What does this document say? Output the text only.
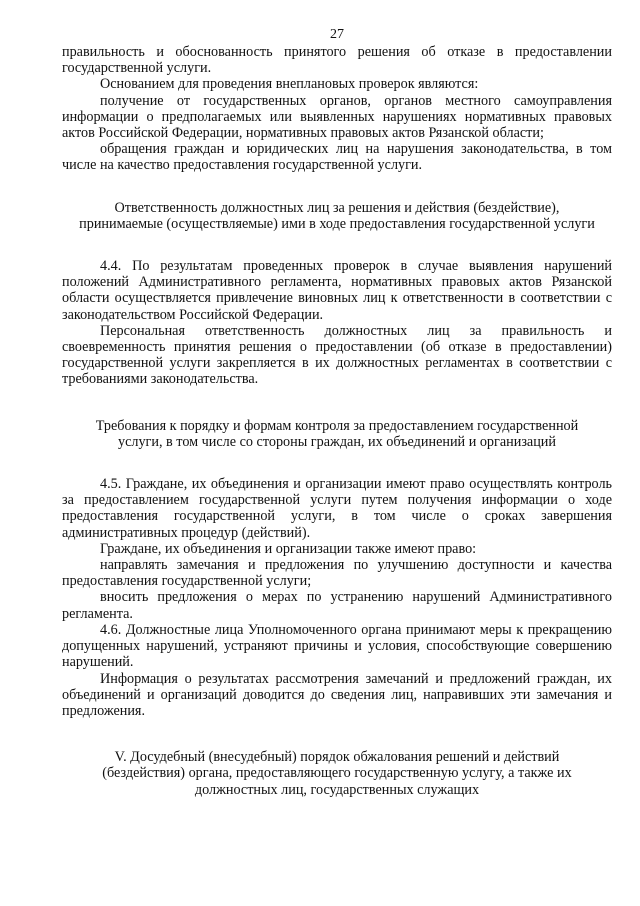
27

правильность и обоснованность принятого решения об отказе в предоставлении государственной услуги.

Основанием для проведения внеплановых проверок являются:

получение от государственных органов, органов местного самоуправления информации о предполагаемых или выявленных нарушениях нормативных правовых актов Российской Федерации, нормативных правовых актов Рязанской области;

обращения граждан и юридических лиц на нарушения законодательства, в том числе на качество предоставления государственной услуги.

Ответственность должностных лиц за решения и действия (бездействие), принимаемые (осуществляемые) ими в ходе предоставления государственной услуги

4.4. По результатам проведенных проверок в случае выявления нарушений положений Административного регламента, нормативных правовых актов Рязанской области осуществляется привлечение виновных лиц к ответственности в соответствии с законодательством Российской Федерации.

Персональная ответственность должностных лиц за правильность и своевременность принятия решения о предоставлении (об отказе в предоставлении) государственной услуги закрепляется в их должностных регламентах в соответствии с требованиями законодательства.

Требования к порядку и формам контроля за предоставлением государственной услуги, в том числе со стороны граждан, их объединений и организаций

4.5. Граждане, их объединения и организации имеют право осуществлять контроль за предоставлением государственной услуги путем получения информации о ходе предоставления государственной услуги, в том числе о сроках завершения административных процедур (действий).

Граждане, их объединения и организации также имеют право:

направлять замечания и предложения по улучшению доступности и качества предоставления государственной услуги;

вносить предложения о мерах по устранению нарушений Административного регламента.

4.6. Должностные лица Уполномоченного органа принимают меры к прекращению допущенных нарушений, устраняют причины и условия, способствующие совершению нарушений.

Информация о результатах рассмотрения замечаний и предложений граждан, их объединений и организаций доводится до сведения лиц, направивших эти замечания и предложения.

V. Досудебный (внесудебный) порядок обжалования решений и действий (бездействия) органа, предоставляющего государственную услугу, а также их должностных лиц, государственных служащих
